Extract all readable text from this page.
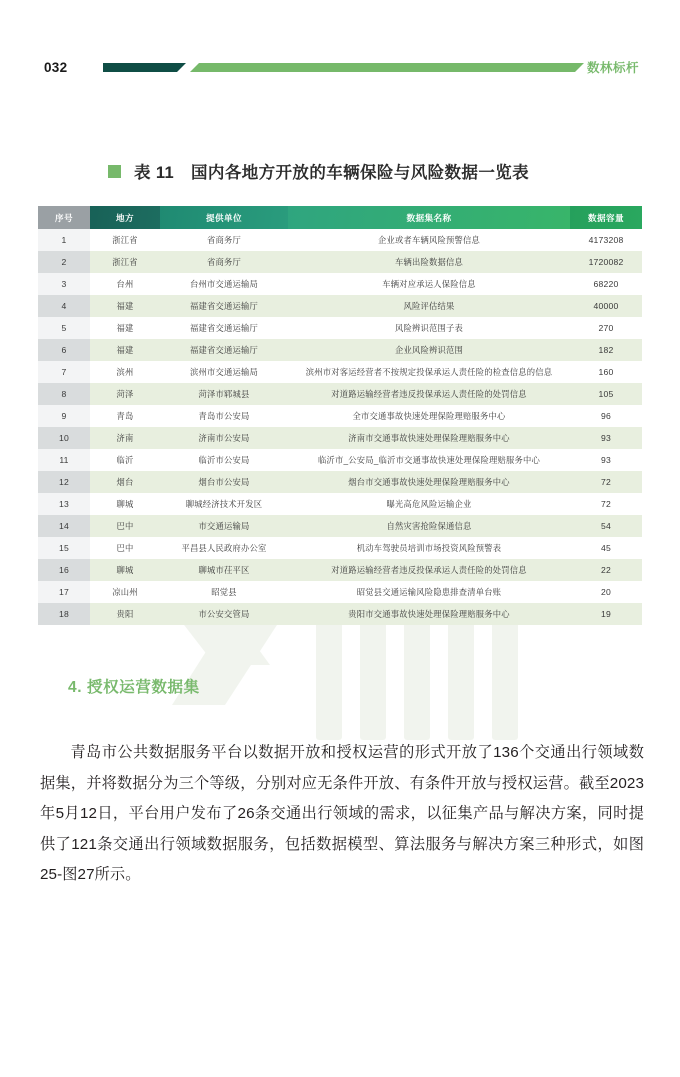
032	数林标杆
表 11　国内各地方开放的车辆保险与风险数据一览表
序号	地方	提供单位	数据集名称	数据容量
1	浙江省	省商务厅	企业或者车辆风险预警信息	4173208
2	浙江省	省商务厅	车辆出险数据信息	1720082
3	台州	台州市交通运输局	车辆对应承运人保险信息	68220
4	福建	福建省交通运输厅	风险评估结果	40000
5	福建	福建省交通运输厅	风险辨识范围子表	270
6	福建	福建省交通运输厅	企业风险辨识范围	182
7	滨州	滨州市交通运输局	滨州市对客运经营者不按规定投保承运人责任险的检查信息的信息	160
8	菏泽	菏泽市郓城县	对道路运输经营者违反投保承运人责任险的处罚信息	105
9	青岛	青岛市公安局	全市交通事故快速处理保险理赔服务中心	96
10	济南	济南市公安局	济南市交通事故快速处理保险理赔服务中心	93
11	临沂	临沂市公安局	临沂市_公安局_临沂市交通事故快速处理保险理赔服务中心	93
12	烟台	烟台市公安局	烟台市交通事故快速处理保险理赔服务中心	72
13	聊城	聊城经济技术开发区	曝光高危风险运输企业	72
14	巴中	市交通运输局	自然灾害抢险保通信息	54
15	巴中	平昌县人民政府办公室	机动车驾驶员培训市场投资风险预警表	45
16	聊城	聊城市茌平区	对道路运输经营者违反投保承运人责任险的处罚信息	22
17	凉山州	昭觉县	昭觉县交通运输风险隐患排查清单台账	20
18	贵阳	市公安交管局	贵阳市交通事故快速处理保险理赔服务中心	19
4. 授权运营数据集

青岛市公共数据服务平台以数据开放和授权运营的形式开放了136个交通出行领域数据集，并将数据分为三个等级，分别对应无条件开放、有条件开放与授权运营。截至2023年5月12日，平台用户发布了26条交通出行领域的需求，以征集产品与解决方案，同时提供了121条交通出行领域数据服务，包括数据模型、算法服务与解决方案三种形式，如图25-图27所示。
